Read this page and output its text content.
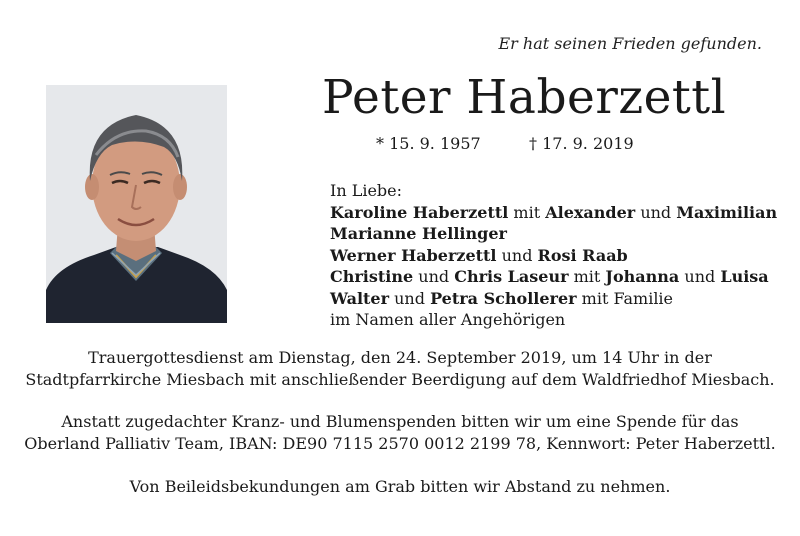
Er hat seinen Frieden gefunden.
Peter Haberzettl
* 15. 9. 1957	† 17. 9. 2019
In Liebe:
Karoline Haberzettl mit Alexander und Maximilian
Marianne Hellinger
Werner Haberzettl und Rosi Raab
Christine und Chris Laseur mit Johanna und Luisa
Walter und Petra Schollerer mit Familie
im Namen aller Angehörigen
Trauergottesdienst am Dienstag, den 24. September 2019, um 14 Uhr in der
Stadtpfarrkirche Miesbach mit anschließender Beerdigung auf dem Waldfriedhof Miesbach.
Anstatt zugedachter Kranz- und Blumenspenden bitten wir um eine Spende für das
Oberland Palliativ Team, IBAN: DE90 7115 2570 0012 2199 78, Kennwort: Peter Haberzettl.
Von Beileidsbekundungen am Grab bitten wir Abstand zu nehmen.
